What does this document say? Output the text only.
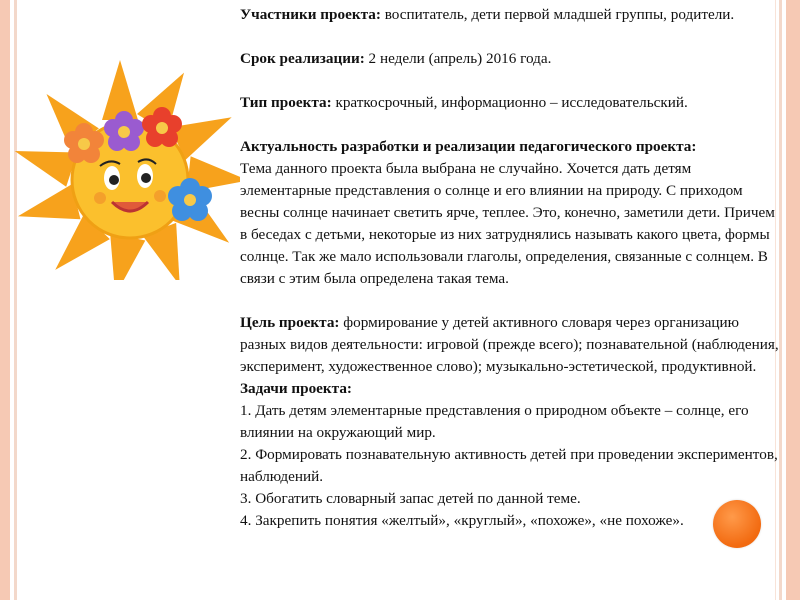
Участники проекта: воспитатель, дети первой младшей группы, родители.

Срок реализации: 2 недели (апрель) 2016 года.

Тип проекта: краткосрочный, информационно – исследовательский.

Актуальность разработки и реализации педагогического проекта:

Тема данного проекта была выбрана не случайно. Хочется дать детям элементарные представления о солнце и его влиянии на природу. С приходом весны солнце начинает светить ярче, теплее. Это, конечно, заметили дети. Причем в беседах с детьми, некоторые из них затруднялись называть какого цвета, формы солнце. Так же мало использовали глаголы, определения, связанные с солнцем. В связи с этим была определена такая тема.

Цель проекта: формирование у детей активного словаря через организацию разных видов деятельности: игровой (прежде всего); познавательной (наблюдения, эксперимент, художественное слово); музыкально-эстетической, продуктивной.

Задачи проекта:

1. Дать детям элементарные представления о природном объекте – солнце, его влиянии на окружающий мир.

2. Формировать познавательную активность детей при проведении экспериментов, наблюдений.

3. Обогатить словарный запас детей по данной теме.

4. Закрепить понятия «желтый», «круглый», «похоже», «не похоже».
